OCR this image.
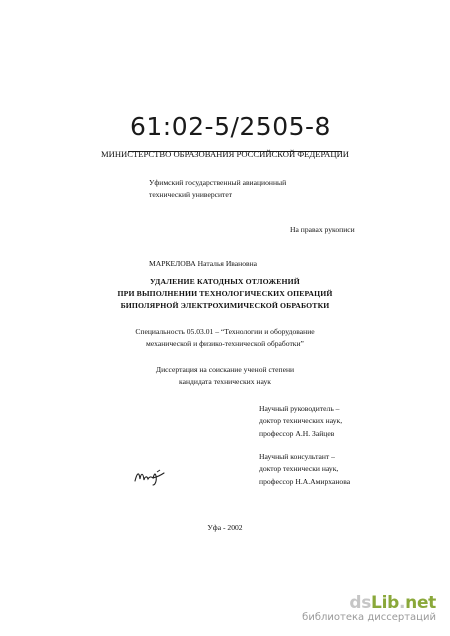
61:02-5/2505-8
МИНИСТЕРСТВО ОБРАЗОВАНИЯ РОССИЙСКОЙ ФЕДЕРАЦИИ
Уфимский государственный авиационный
технический университет
На правах рукописи
МАРКЕЛОВА Наталья Ивановна
УДАЛЕНИЕ КАТОДНЫХ ОТЛОЖЕНИЙ
ПРИ ВЫПОЛНЕНИИ ТЕХНОЛОГИЧЕСКИХ ОПЕРАЦИЙ
БИПОЛЯРНОЙ ЭЛЕКТРОХИМИЧЕСКОЙ ОБРАБОТКИ
Специальность 05.03.01 – “Технологии и оборудование
механической и физико-технической обработки”
Диссертация на соискание ученой степени
кандидата технических наук
Научный руководитель –
доктор технических наук,
профессор А.Н. Зайцев
Научный консультант –
доктор технически наук,
профессор Н.А.Амирханова
Уфа - 2002
dsLib.net
библиотека диссертаций
